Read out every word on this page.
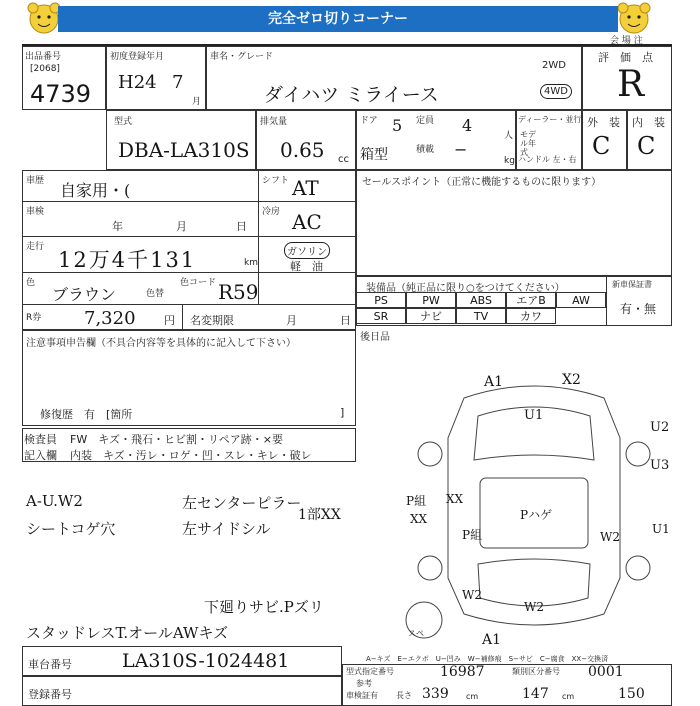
完全ゼロ切りコーナー
会 場 注
出品番号
[2068]
4739
初度登録年月
H24 7
月
車名・グレード
ダイハツ ミライース
2WD
4WD
評　価　点
R
型式
DBA-LA310S
排気量
0.65 cc
ドア 5 定員 4
人
箱型	積載 −
kg
ディーラー・並行
モデル年式
ハンドル 左・右
外　装 内　装
C C
車歴 自家用・(	シフト AT
車検
年	月	日
冷房 AC
走行
12万4千131	km
ガソリン
軽　油
色
ブラウン	色替
色コード R59
R券 7,320	円 名変期限	月	日
セールスポイント（正常に機能するものに限ります）
装備品（純正品に限り○をつけてください）
PS	PW	ABS	エアB	AW
SR	ナビ	TV	カワ
新車保証書
有・無
後日品
注意事項申告欄（不具合内容等を具体的に記入して下さい）
修復歴　有　[箇所	]
検査員
記入欄
FW　キズ・飛石・ヒビ割・リペア跡・×要
内装　キズ・汚レ・ロゲ・凹・スレ・キレ・破レ
A-U.W2
シートコゲ穴
左センターピラー
左サイドシル
1部XX
下廻りサビ.Pズリ
スタッドレスT.オールAWキズ
A1	X2
U1
U2
U3
P組 XX
XX
P組
Pハゲ
W2
U1
W2
W2
A1
スペ
A−キズ　E−エクボ　U−凹み　W−補修痕　S−サビ　C−腐食　XX−交換済
車台番号	LA310S-1024481
登録番号
型式指定番号	16987	類別区分番号 0001
参考
車検証有 長さ 339 cm	147 cm	150
